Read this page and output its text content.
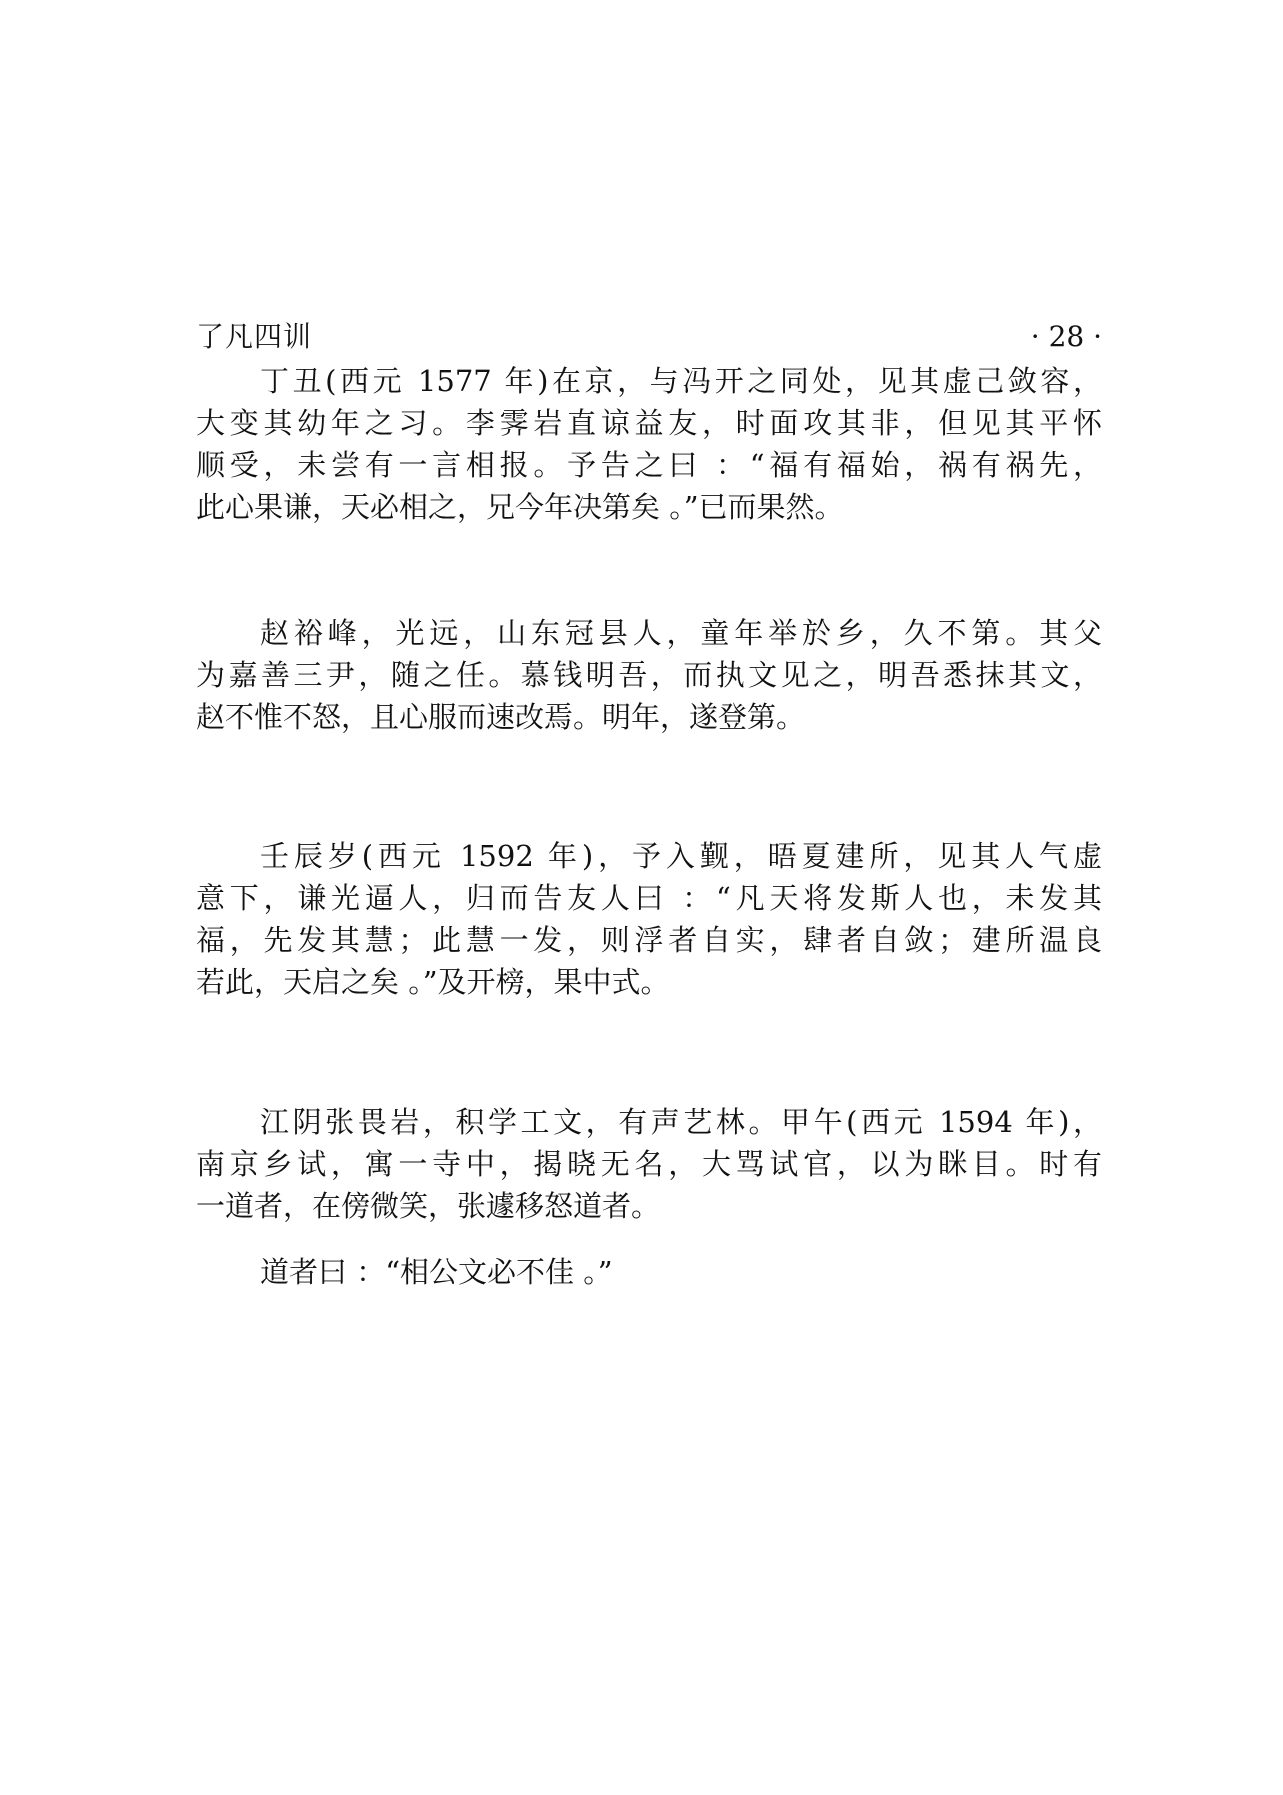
了凡四训	· 28 ·
丁丑(西元 1577 年)在京，与冯开之同处，见其虚己敛容，
大变其幼年之习。李霁岩直谅益友，时面攻其非，但见其平怀
顺受，未尝有一言相报。予告之曰 ：“福有福始，祸有祸先，
此心果谦，天必相之，兄今年决第矣 。”已而果然。
赵裕峰，光远，山东冠县人，童年举於乡，久不第。其父
为嘉善三尹，随之任。慕钱明吾，而执文见之，明吾悉抹其文，
赵不惟不怒，且心服而速改焉。明年，遂登第。
壬辰岁(西元 1592 年)，予入觐，晤夏建所，见其人气虚
意下，谦光逼人，归而告友人曰 ：“凡天将发斯人也，未发其
福，先发其慧；此慧一发，则浮者自实，肆者自敛；建所温良
若此，天启之矣 。”及开榜，果中式。
江阴张畏岩，积学工文，有声艺林。甲午(西元 1594 年)，
南京乡试，寓一寺中，揭晓无名，大骂试官，以为眯目。时有
一道者，在傍微笑，张遽移怒道者。
道者曰 ：“相公文必不佳 。”
